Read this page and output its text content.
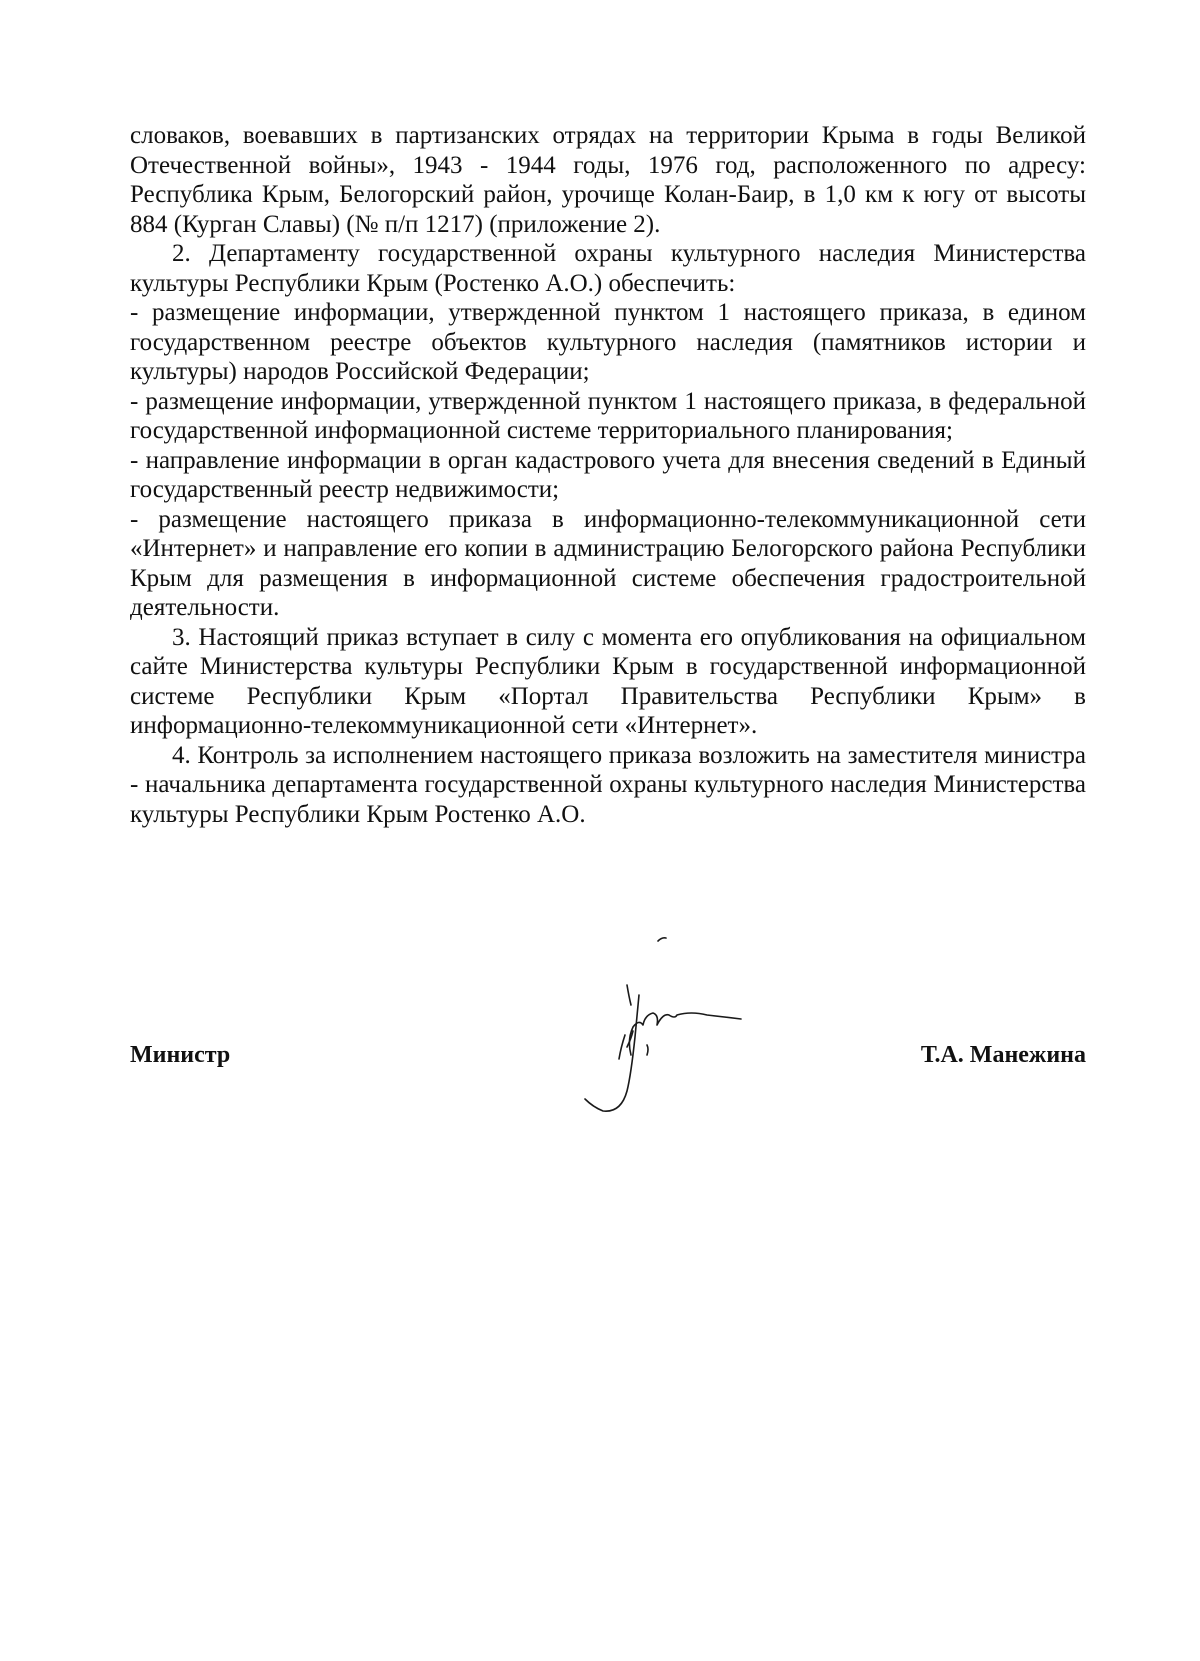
словаков, воевавших в партизанских отрядах на территории Крыма в годы Великой Отечественной войны», 1943 - 1944 годы, 1976 год, расположенного по адресу: Республика Крым, Белогорский район, урочище Колан-Баир, в 1,0 км к югу от высоты 884 (Курган Славы) (№ п/п 1217) (приложение 2).

2. Департаменту государственной охраны культурного наследия Министерства культуры Республики Крым (Ростенко А.О.) обеспечить:

- размещение информации, утвержденной пунктом 1 настоящего приказа, в едином государственном реестре объектов культурного наследия (памятников истории и культуры) народов Российской Федерации;

- размещение информации, утвержденной пунктом 1 настоящего приказа, в федеральной государственной информационной системе территориального планирования;

- направление информации в орган кадастрового учета для внесения сведений в Единый государственный реестр недвижимости;

- размещение настоящего приказа в информационно-телекоммуникационной сети «Интернет» и направление его копии в администрацию Белогорского района Республики Крым для размещения в информационной системе обеспечения градостроительной деятельности.

3. Настоящий приказ вступает в силу с момента его опубликования на официальном сайте Министерства культуры Республики Крым в государственной информационной системе Республики Крым «Портал Правительства Республики Крым» в информационно-телекоммуникационной сети «Интернет».

4. Контроль за исполнением настоящего приказа возложить на заместителя министра - начальника департамента государственной охраны культурного наследия Министерства культуры Республики Крым Ростенко А.О.

Министр	Т.А. Манежина
